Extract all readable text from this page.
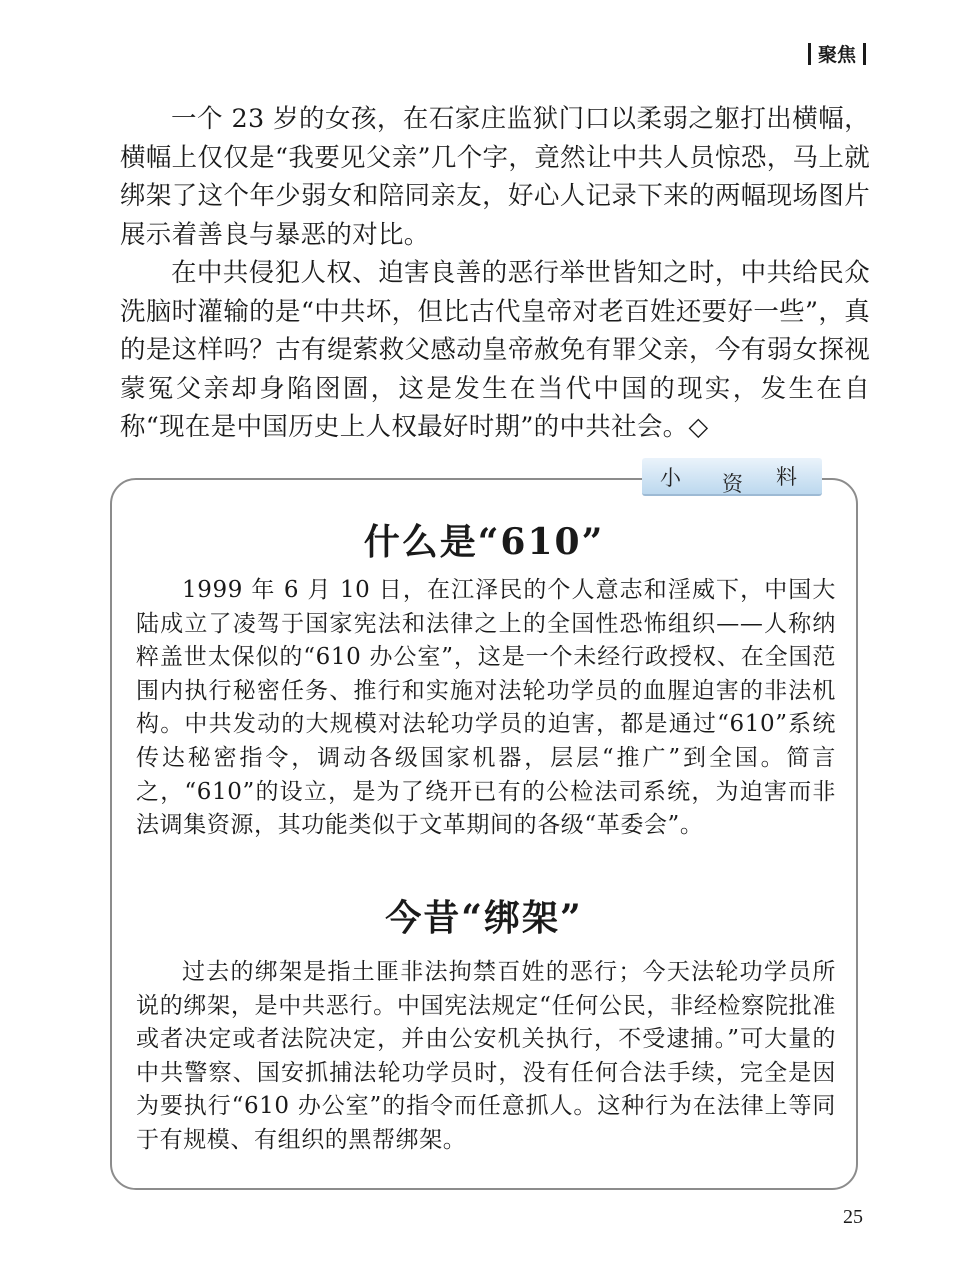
聚焦

一个 23 岁的女孩，在石家庄监狱门口以柔弱之躯打出横幅，横幅上仅仅是“我要见父亲”几个字，竟然让中共人员惊恐，马上就绑架了这个年少弱女和陪同亲友，好心人记录下来的两幅现场图片展示着善良与暴恶的对比。

在中共侵犯人权、迫害良善的恶行举世皆知之时，中共给民众洗脑时灌输的是“中共坏，但比古代皇帝对老百姓还要好一些”，真的是这样吗？古有缇萦救父感动皇帝赦免有罪父亲，今有弱女探视蒙冤父亲却身陷囹圄，这是发生在当代中国的现实，发生在自称“现在是中国历史上人权最好时期”的中共社会。◇

小 资 料
什么是“610”

1999 年 6 月 10 日，在江泽民的个人意志和淫威下，中国大陆成立了凌驾于国家宪法和法律之上的全国性恐怖组织——人称纳粹盖世太保似的“610 办公室”，这是一个未经行政授权、在全国范围内执行秘密任务、推行和实施对法轮功学员的血腥迫害的非法机构。中共发动的大规模对法轮功学员的迫害，都是通过“610”系统传达秘密指令，调动各级国家机器，层层“推广”到全国。简言之，“610”的设立，是为了绕开已有的公检法司系统，为迫害而非法调集资源，其功能类似于文革期间的各级“革委会”。

今昔“绑架”

过去的绑架是指土匪非法拘禁百姓的恶行；今天法轮功学员所说的绑架，是中共恶行。中国宪法规定“任何公民，非经检察院批准或者决定或者法院决定，并由公安机关执行，不受逮捕。”可大量的中共警察、国安抓捕法轮功学员时，没有任何合法手续，完全是因为要执行“610 办公室”的指令而任意抓人。这种行为在法律上等同于有规模、有组织的黑帮绑架。

25
